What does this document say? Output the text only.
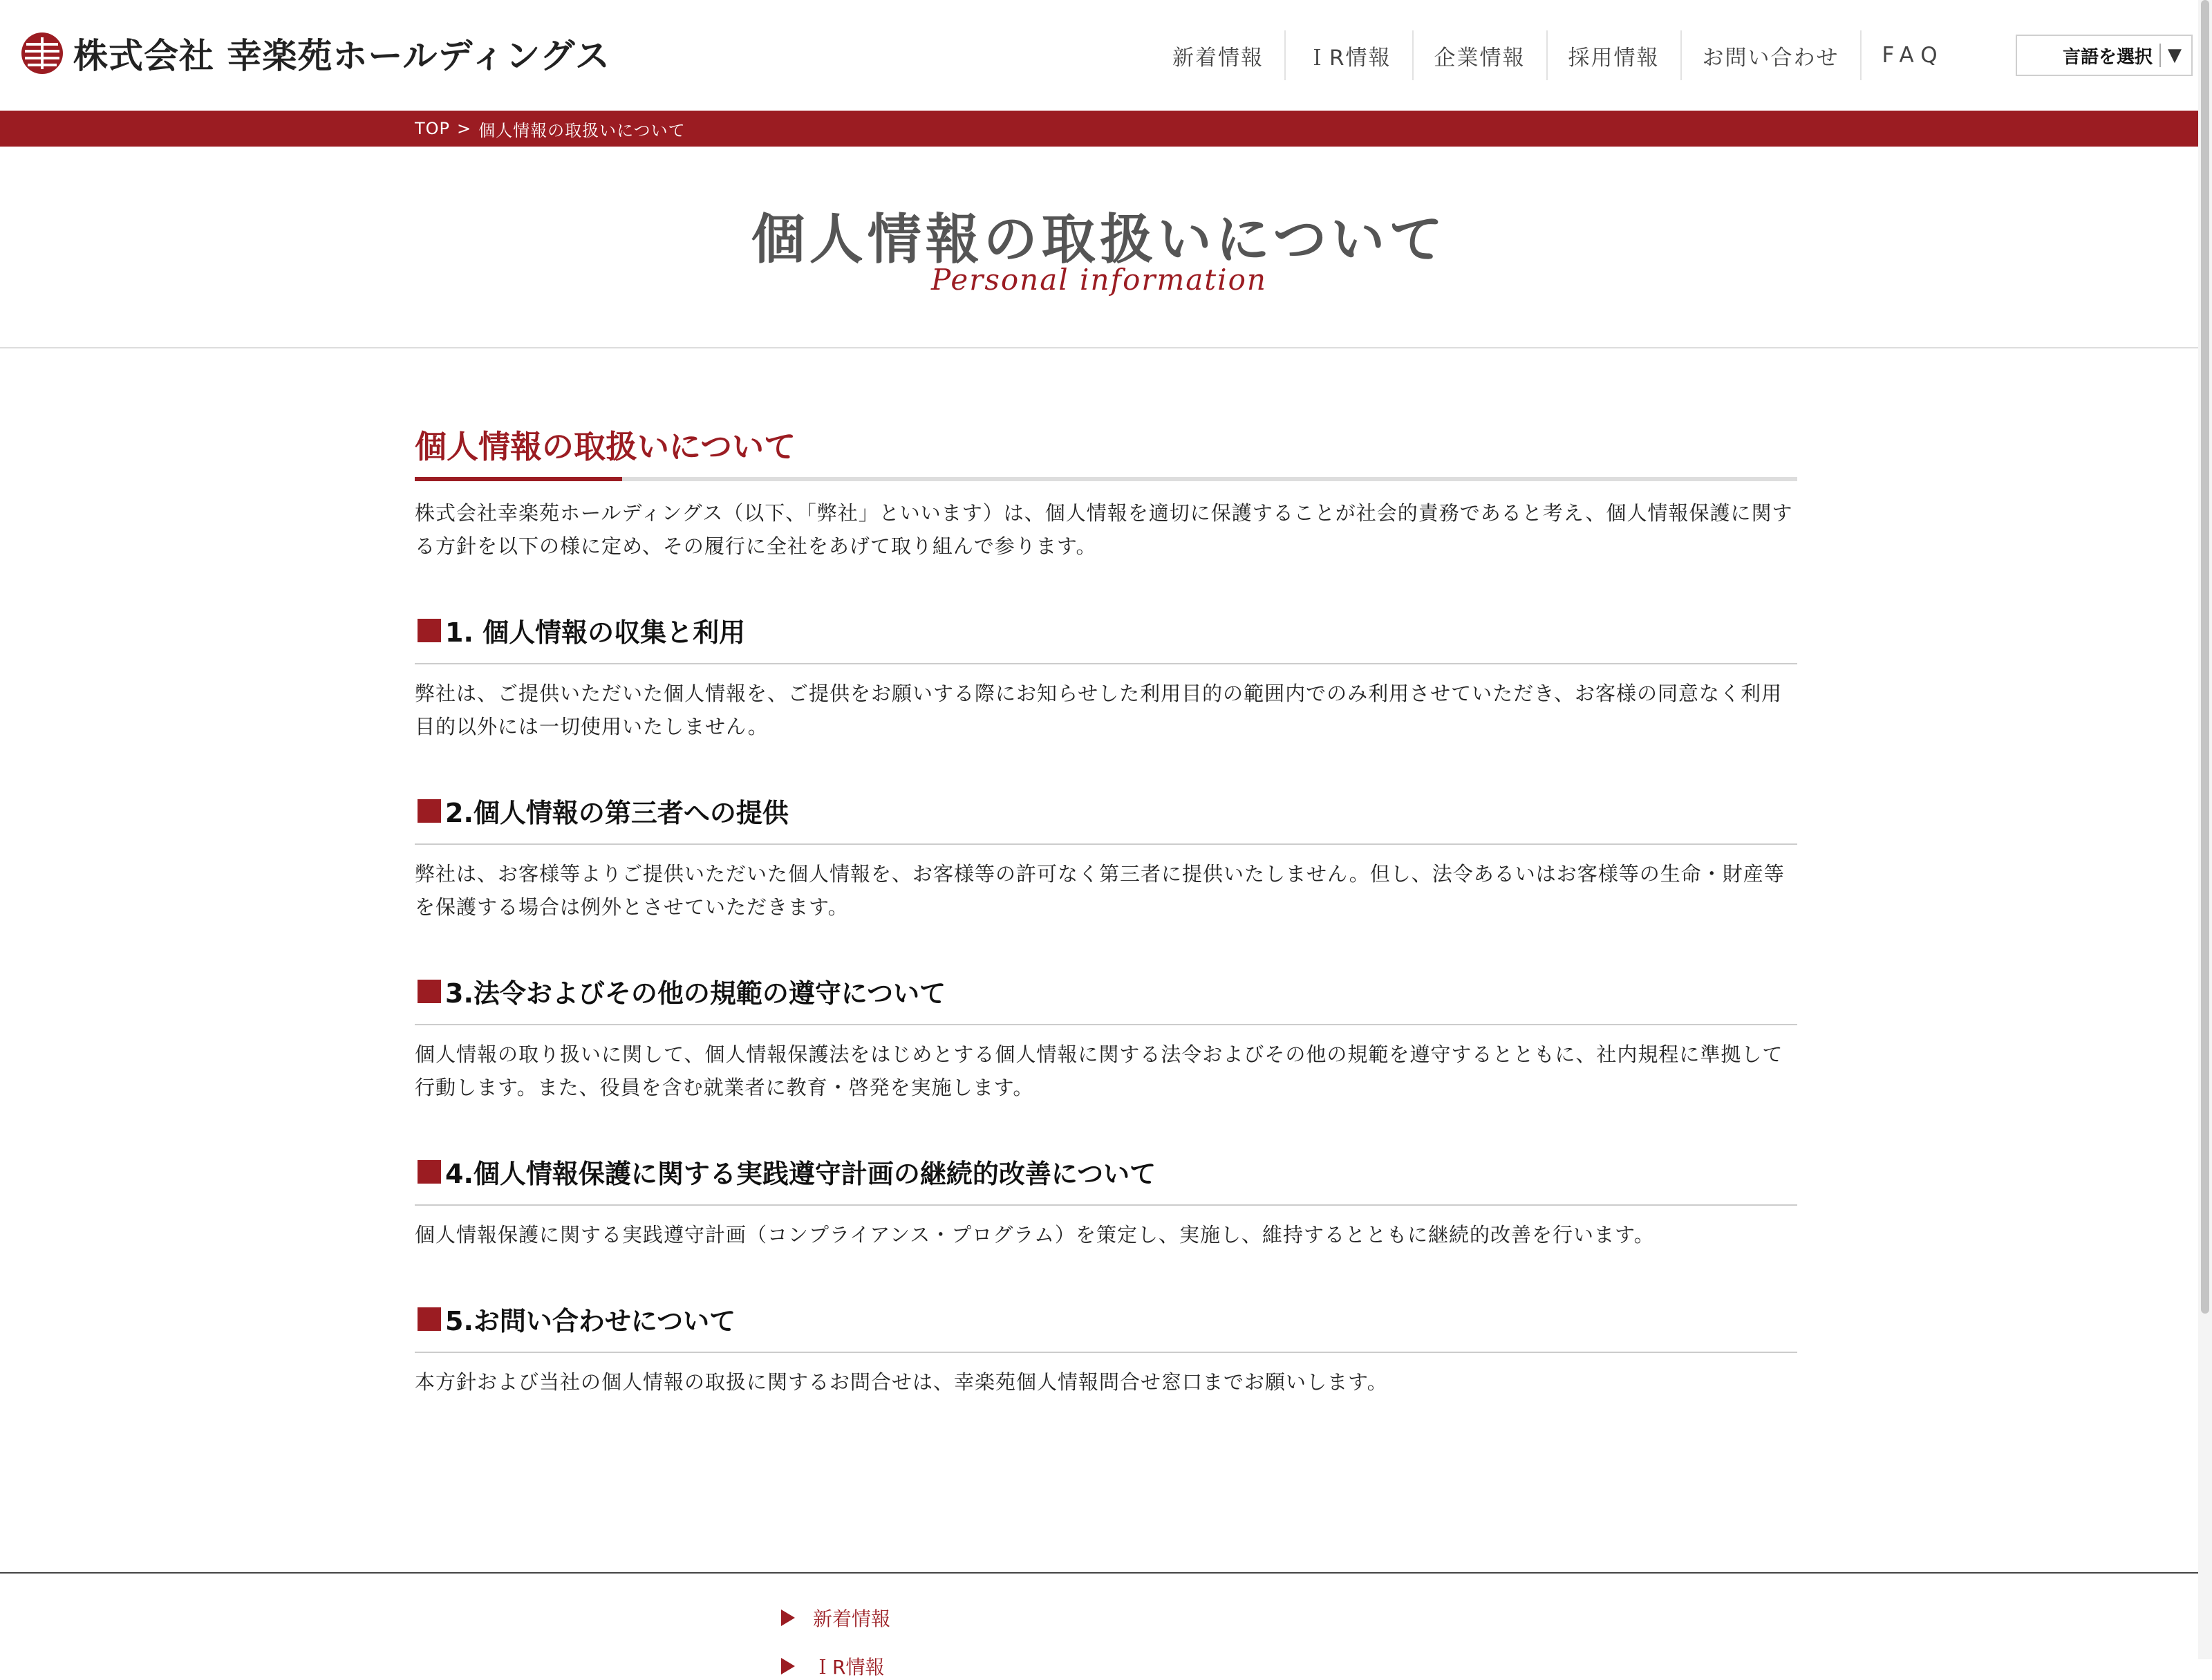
株式会社 幸楽苑ホールディングス	新着情報	ＩR情報	企業情報	採用情報	お問い合わせ	FAQ	言語を選択 ▼
TOP > 個人情報の取扱いについて
個人情報の取扱いについて
Personal information
個人情報の取扱いについて

株式会社幸楽苑ホールディングス（以下、「弊社」といいます）は、個人情報を適切に保護することが社会的責務であると考え、個人情報保護に関する方針を以下の様に定め、その履行に全社をあげて取り組んで参ります。

1. 個人情報の収集と利用

弊社は、ご提供いただいた個人情報を、ご提供をお願いする際にお知らせした利用目的の範囲内でのみ利用させていただき、お客様の同意なく利用目的以外には一切使用いたしません。

2.個人情報の第三者への提供

弊社は、お客様等よりご提供いただいた個人情報を、お客様等の許可なく第三者に提供いたしません。但し、法令あるいはお客様等の生命・財産等を保護する場合は例外とさせていただきます。

3.法令およびその他の規範の遵守について

個人情報の取り扱いに関して、個人情報保護法をはじめとする個人情報に関する法令およびその他の規範を遵守するとともに、社内規程に準拠して行動します。また、役員を含む就業者に教育・啓発を実施します。

4.個人情報保護に関する実践遵守計画の継続的改善について

個人情報保護に関する実践遵守計画（コンプライアンス・プログラム）を策定し、実施し、維持するとともに継続的改善を行います。

5.お問い合わせについて

本方針および当社の個人情報の取扱に関するお問合せは、幸楽苑個人情報問合せ窓口までお願いします。

新着情報
ＩR情報
